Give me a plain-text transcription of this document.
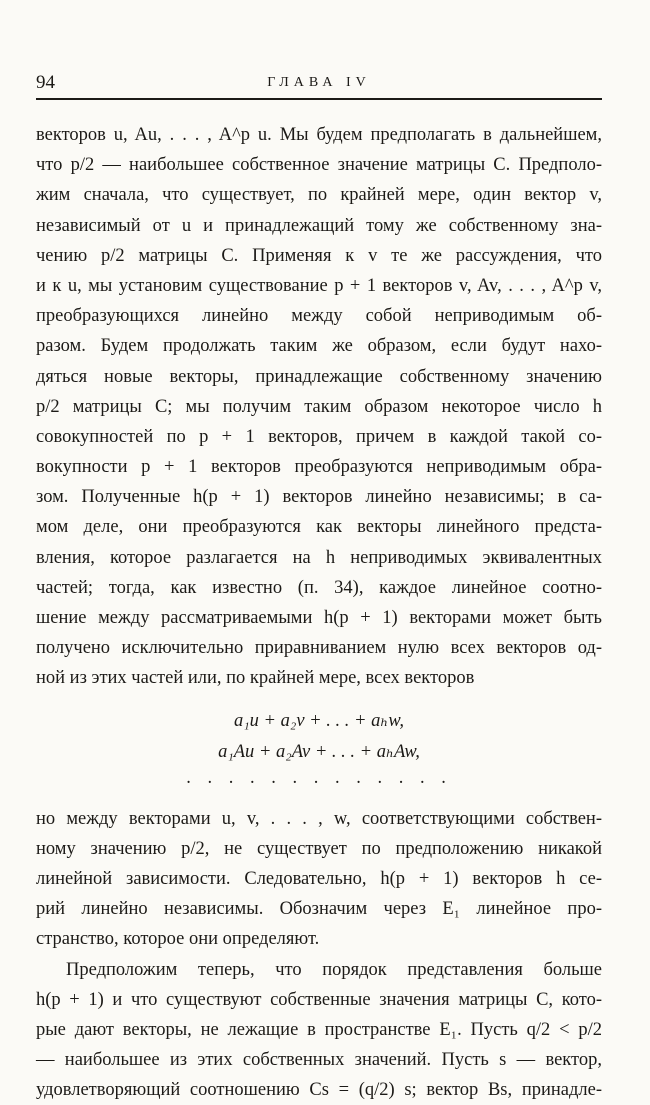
94	ГЛАВА IV
векторов u, Au, . . . , A^p u. Мы будем предполагать в дальнейшем,
что p/2 — наибольшее собственное значение матрицы C. Предполо-
жим сначала, что существует, по крайней мере, один вектор v,
независимый от u и принадлежащий тому же собственному зна-
чению p/2 матрицы C. Применяя к v те же рассуждения, что
и к u, мы установим существование p + 1 векторов v, Av, . . . , A^p v,
преобразующихся линейно между собой неприводимым об-
разом. Будем продолжать таким же образом, если будут нахо-
дяться новые векторы, принадлежащие собственному значению
p/2 матрицы C; мы получим таким образом некоторое число h
совокупностей по p + 1 векторов, причем в каждой такой со-
вокупности p + 1 векторов преобразуются неприводимым обра-
зом. Полученные h(p + 1) векторов линейно независимы; в са-
мом деле, они преобразуются как векторы линейного предста-
вления, которое разлагается на h неприводимых эквивалентных
частей; тогда, как известно (п. 34), каждое линейное соотно-
шение между рассматриваемыми h(p + 1) векторами может быть
получено исключительно приравниванием нулю всех векторов од-
ной из этих частей или, по крайней мере, всех векторов
a₁u + a₂v + . . . + aₕw,
a₁Au + a₂Av + . . . + aₕAw,
. . . . . . . . . . . . .
но между векторами u, v, . . . , w, соответствующими собствен-
ному значению p/2, не существует по предположению никакой
линейной зависимости. Следовательно, h(p + 1) векторов h се-
рий линейно независимы. Обозначим через E₁ линейное про-
странство, которое они определяют.
Предположим теперь, что порядок представления больше
h(p + 1) и что существуют собственные значения матрицы C, кото-
рые дают векторы, не лежащие в пространстве E₁. Пусть q/2 < p/2
— наибольшее из этих собственных значений. Пусть s — вектор,
удовлетворяющий соотношению Cs = (q/2) s; вектор Bs, принадле-
